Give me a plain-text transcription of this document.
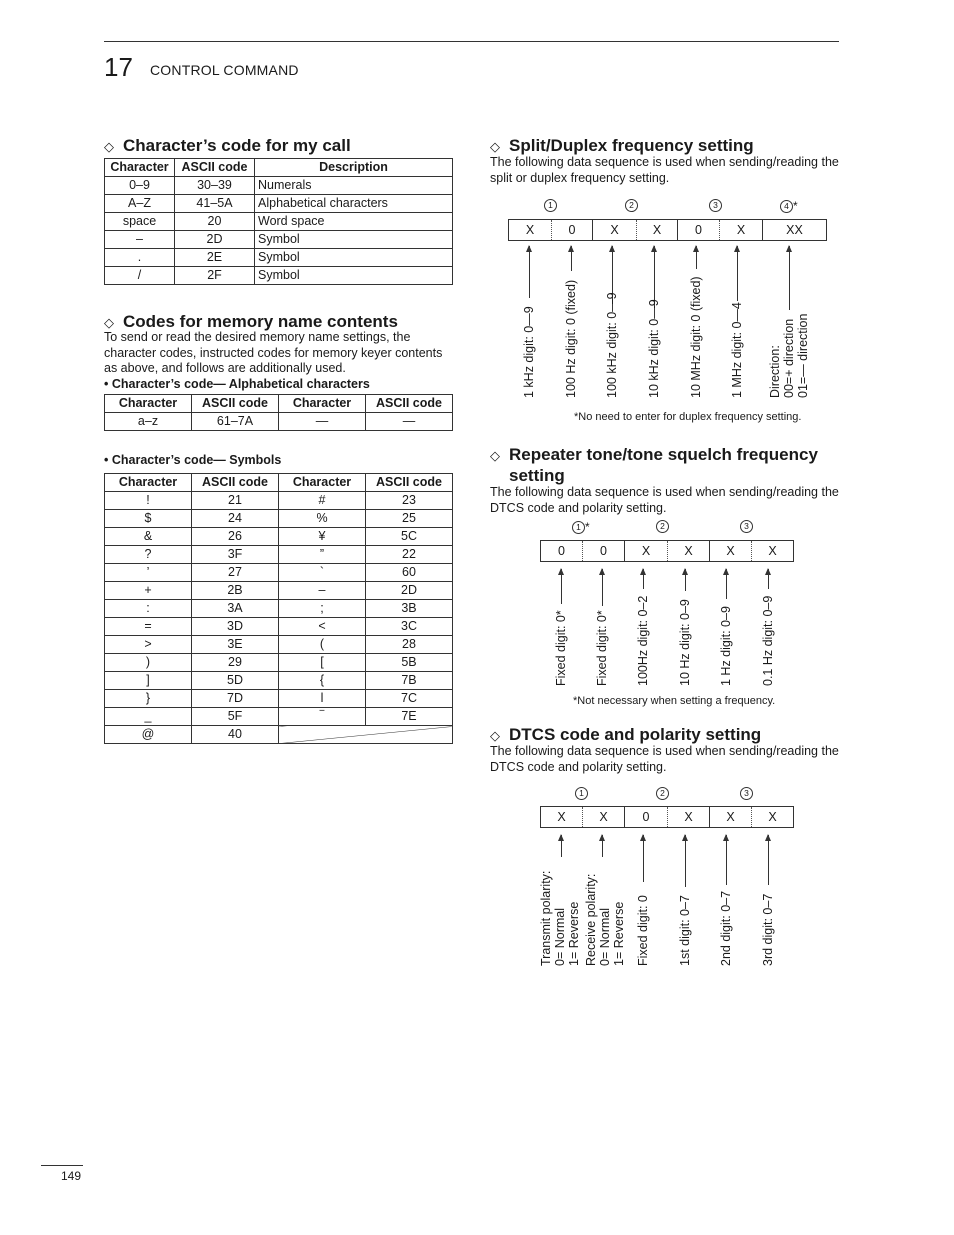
17 CONTROL COMMAND
◇ Character’s code for my call
Character	ASCII code	Description
0–9	30–39	Numerals
A–Z	41–5A	Alphabetical characters
space	20	Word space
–	2D	Symbol
.	2E	Symbol
/	2F	Symbol
◇ Codes for memory name contents
To send or read the desired memory name settings, the character codes, instructed codes for memory keyer contents as above, and follows are additionally used.
• Character’s code— Alphabetical characters
Character	ASCII code	Character	ASCII code
a–z	61–7A	—	—
• Character’s code— Symbols
Character	ASCII code	Character	ASCII code
!	21	#	23
$	24	%	25
&	26	¥	5C
?	3F	”	22
’	27	`	60
+	2B	–	2D
:	3A	;	3B
=	3D	<	3C
>	3E	(	28
)	29	[	5B
]	5D	{	7B
}	7D	l	7C
_	5F	‾	7E
@	40		
◇ Split/Duplex frequency setting
The following data sequence is used when sending/reading the split or duplex frequency setting.
1	2	3	4 *
X	0	X	X	0	X	XX
1 kHz digit: 0—9 100 Hz digit: 0 (fixed) 100 kHz digit: 0—9 10 kHz digit: 0—9 10 MHz digit: 0 (fixed) 1 MHz digit: 0—4 Direction:
00=+ direction
01=— direction
*No need to enter for duplex frequency setting.
◇ Repeater tone/tone squelch frequency
setting
The following data sequence is used when sending/reading the DTCS code and polarity setting.
1 *	2	3
0	0	X	X	X	X
Fixed digit: 0* Fixed digit: 0* 100Hz digit: 0–2 10 Hz digit: 0–9 1 Hz digit: 0–9 0.1 Hz digit: 0–9
*Not necessary when setting a frequency.
◇ DTCS code and polarity setting
The following data sequence is used when sending/reading the DTCS code and polarity setting.
1	2	3
X	X	0	X	X	X
Transmit polarity:
0= Normal
1= Reverse Receive polarity:
0= Normal
1= Reverse Fixed digit: 0 1st digit: 0–7 2nd digit: 0–7 3rd digit: 0–7
149
